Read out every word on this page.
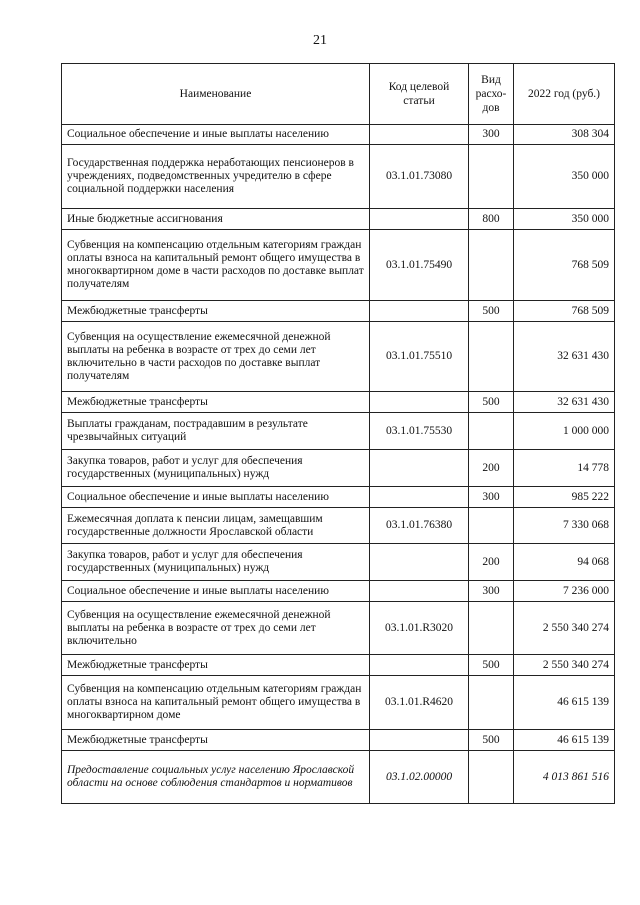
21
Наименование	Код целевой статьи	Вид расхо-дов	2022 год (руб.)
Социальное обеспечение и иные выплаты населению		300	308 304
Государственная поддержка неработающих пенсионеров в учреждениях, подведомственных учредителю в сфере социальной поддержки населения	03.1.01.73080		350 000
Иные бюджетные ассигнования		800	350 000
Субвенция на компенсацию отдельным категориям граждан оплаты взноса на капитальный ремонт общего имущества в многоквартирном доме в части расходов по доставке выплат получателям	03.1.01.75490		768 509
Межбюджетные трансферты		500	768 509
Субвенция на осуществление ежемесячной денежной выплаты на ребенка в возрасте от трех до семи лет включительно в части расходов по доставке выплат получателям	03.1.01.75510		32 631 430
Межбюджетные трансферты		500	32 631 430
Выплаты гражданам, пострадавшим в результате чрезвычайных ситуаций	03.1.01.75530		1 000 000
Закупка товаров, работ и услуг для обеспечения государственных (муниципальных) нужд		200	14 778
Социальное обеспечение и иные выплаты населению		300	985 222
Ежемесячная доплата к пенсии лицам, замещавшим государственные должности Ярославской области	03.1.01.76380		7 330 068
Закупка товаров, работ и услуг для обеспечения государственных (муниципальных) нужд		200	94 068
Социальное обеспечение и иные выплаты населению		300	7 236 000
Субвенция на осуществление ежемесячной денежной выплаты на ребенка в возрасте от трех до семи лет включительно	03.1.01.R3020		2 550 340 274
Межбюджетные трансферты		500	2 550 340 274
Субвенция на компенсацию отдельным категориям граждан оплаты взноса на капитальный ремонт общего имущества в многоквартирном доме	03.1.01.R4620		46 615 139
Межбюджетные трансферты		500	46 615 139
Предоставление социальных услуг населению Ярославской области на основе соблюдения стандартов и нормативов	03.1.02.00000		4 013 861 516
